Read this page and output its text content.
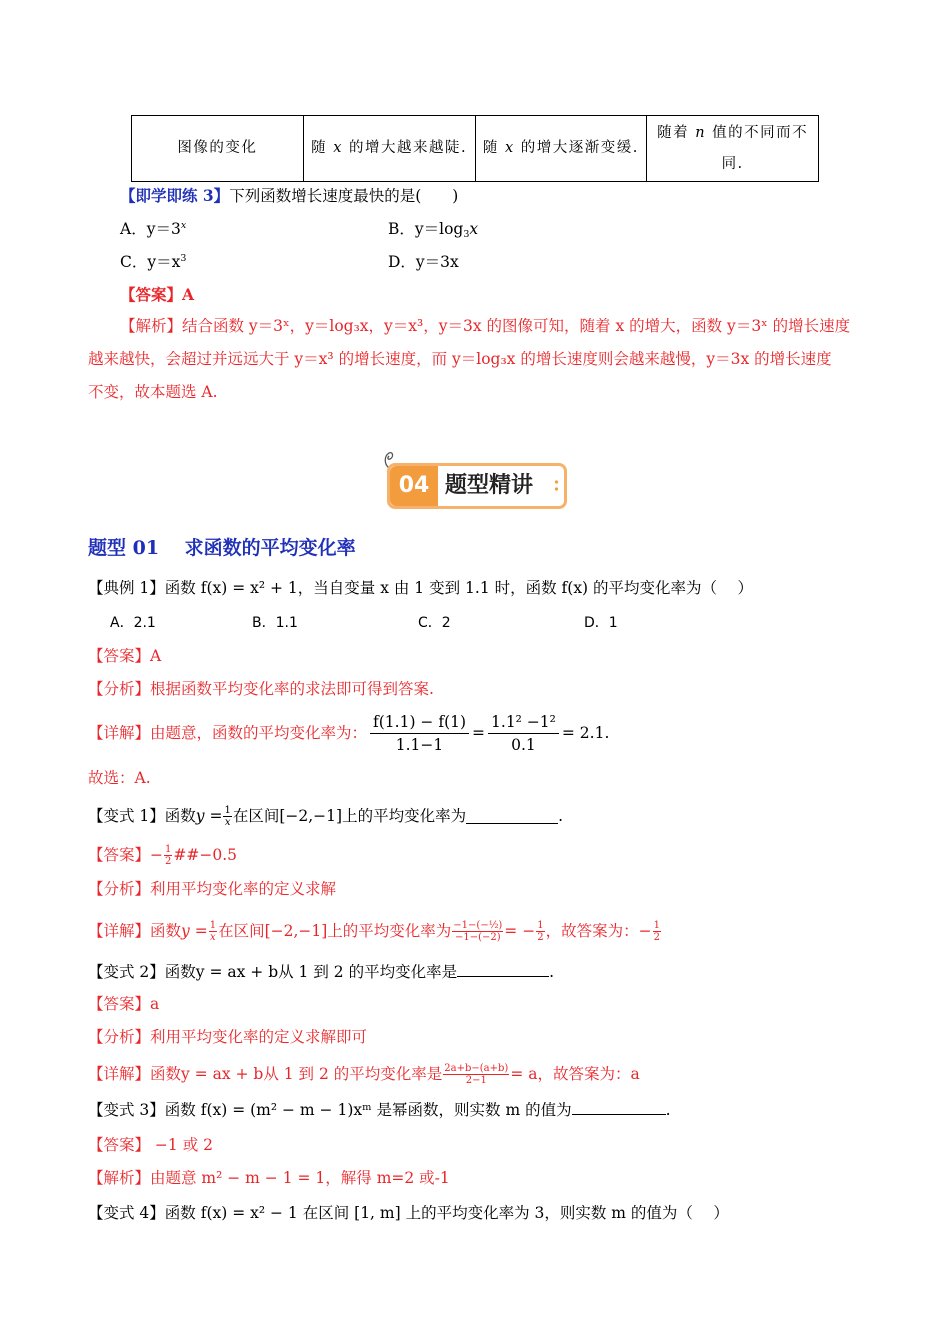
图像的变化	随 x 的增大越来越陡.	随 x 的增大逐渐变缓.	随着 n 值的不同而不
同.
【即学即练 3】下列函数增长速度最快的是(　　)
A．$y=3^x$	B．$y=\log_3x$
C．$y=x^3$	D．y＝3x
【答案】A
【解析】结合函数 y＝3ˣ，y＝log₃x，y＝x³，y＝3x 的图像可知，随着 x 的增大，函数 y＝3ˣ 的增长速度
越来越快，会超过并远远大于 y＝x³ 的增长速度，而 y＝log₃x 的增长速度则会越来越慢，y＝3x 的增长速度
不变，故本题选 A.
04 题型精讲
题型 01　 求函数的平均变化率
【典例 1】函数 f(x) = x² + 1，当自变量 x 由 1 变到 1.1 时，函数 f(x) 的平均变化率为（　 ）
A．2.1	B．1.1	C．2	D．1
【答案】A
【分析】根据函数平均变化率的求法即可得到答案.
【详解】由题意，函数的平均变化率为： $\frac{f(1.1) - f(1)}{1.1-1} = \frac{\text{1.1² −1²}}{0.1} = 2.1$.
故选：A.
【变式 1】函数 $y = \frac{1}{x}$ 在区间[−2,−1]上的平均变化率为	.
【答案】 − $\frac{1}{2}$ ##−0.5
【分析】利用平均变化率的定义求解
【详解】函数 $y = \frac{1}{x}$ 在区间[−2,−1]上的平均变化率为 $\frac{\text{−1−(−½)}}{-1-(-2)}$ = − $\frac{1}{2}$ ，故答案为：− $\frac{1}{2}$
【变式 2】函数y = ax + b从 1 到 2 的平均变化率是	.
【答案】a
【分析】利用平均变化率的定义求解即可
【详解】函数y = ax + b从 1 到 2 的平均变化率是 $\frac{2a+b-(a+b)}{2-1} = a$，故答案为：a
【变式 3】函数 f(x) = (m² − m − 1)xᵐ 是幂函数，则实数 m 的值为	.
【答案】 −1 或 2
【解析】由题意 m² − m − 1 = 1，解得 m=2 或-1
【变式 4】函数 f(x) = x² − 1 在区间 [1, m] 上的平均变化率为 3，则实数 m 的值为（　 ）
